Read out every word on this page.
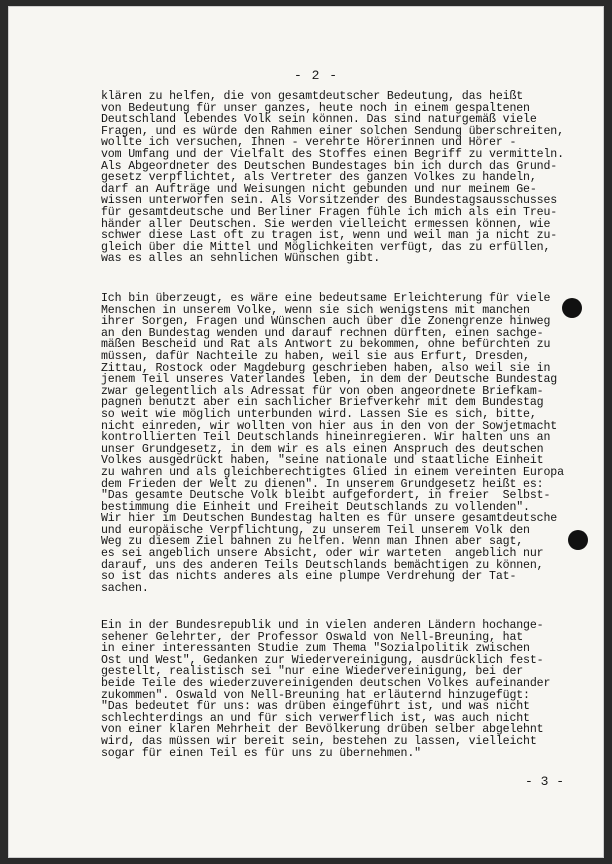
- 2 -
klären zu helfen, die von gesamtdeutscher Bedeutung, das heißt
von Bedeutung für unser ganzes, heute noch in einem gespaltenen
Deutschland lebendes Volk sein können. Das sind naturgemäß viele
Fragen, und es würde den Rahmen einer solchen Sendung überschreiten,
wollte ich versuchen, Ihnen - verehrte Hörerinnen und Hörer -
vom Umfang und der Vielfalt des Stoffes einen Begriff zu vermitteln.
Als Abgeordneter des Deutschen Bundestages bin ich durch das Grund-
gesetz verpflichtet, als Vertreter des ganzen Volkes zu handeln,
darf an Aufträge und Weisungen nicht gebunden und nur meinem Ge-
wissen unterworfen sein. Als Vorsitzender des Bundestagsausschusses
für gesamtdeutsche und Berliner Fragen fühle ich mich als ein Treu-
händer aller Deutschen. Sie werden vielleicht ermessen können, wie
schwer diese Last oft zu tragen ist, wenn und weil man ja nicht zu-
gleich über die Mittel und Möglichkeiten verfügt, das zu erfüllen,
was es alles an sehnlichen Wünschen gibt.
Ich bin überzeugt, es wäre eine bedeutsame Erleichterung für viele
Menschen in unserem Volke, wenn sie sich wenigstens mit manchen
ihrer Sorgen, Fragen und Wünschen auch über die Zonengrenze hinweg
an den Bundestag wenden und darauf rechnen dürften, einen sachge-
mäßen Bescheid und Rat als Antwort zu bekommen, ohne befürchten zu
müssen, dafür Nachteile zu haben, weil sie aus Erfurt, Dresden,
Zittau, Rostock oder Magdeburg geschrieben haben, also weil sie in
jenem Teil unseres Vaterlandes leben, in dem der Deutsche Bundestag
zwar gelegentlich als Adressat für von oben angeordnete Briefkam-
pagnen benutzt aber ein sachlicher Briefverkehr mit dem Bundestag
so weit wie möglich unterbunden wird. Lassen Sie es sich, bitte,
nicht einreden, wir wollten von hier aus in den von der Sowjetmacht
kontrollierten Teil Deutschlands hineinregieren. Wir halten uns an
unser Grundgesetz, in dem wir es als einen Anspruch des deutschen
Volkes ausgedrückt haben, "seine nationale und staatliche Einheit
zu wahren und als gleichberechtigtes Glied in einem vereinten Europa
dem Frieden der Welt zu dienen". In unserem Grundgesetz heißt es:
"Das gesamte Deutsche Volk bleibt aufgefordert, in freier  Selbst-
bestimmung die Einheit und Freiheit Deutschlands zu vollenden".
Wir hier im Deutschen Bundestag halten es für unsere gesamtdeutsche
und europäische Verpflichtung, zu unserem Teil unserem Volk den
Weg zu diesem Ziel bahnen zu helfen. Wenn man Ihnen aber sagt,
es sei angeblich unsere Absicht, oder wir warteten  angeblich nur
darauf, uns des anderen Teils Deutschlands bemächtigen zu können,
so ist das nichts anderes als eine plumpe Verdrehung der Tat-
sachen.
Ein in der Bundesrepublik und in vielen anderen Ländern hochange-
sehener Gelehrter, der Professor Oswald von Nell-Breuning, hat
in einer interessanten Studie zum Thema "Sozialpolitik zwischen
Ost und West", Gedanken zur Wiedervereinigung, ausdrücklich fest-
gestellt, realistisch sei "nur eine Wiedervereinigung, bei der
beide Teile des wiederzuvereinigenden deutschen Volkes aufeinander
zukommen". Oswald von Nell-Breuning hat erläuternd hinzugefügt:
"Das bedeutet für uns: was drüben eingeführt ist, und was nicht
schlechterdings an und für sich verwerflich ist, was auch nicht
von einer klaren Mehrheit der Bevölkerung drüben selber abgelehnt
wird, das müssen wir bereit sein, bestehen zu lassen, vielleicht
sogar für einen Teil es für uns zu übernehmen."
- 3 -
